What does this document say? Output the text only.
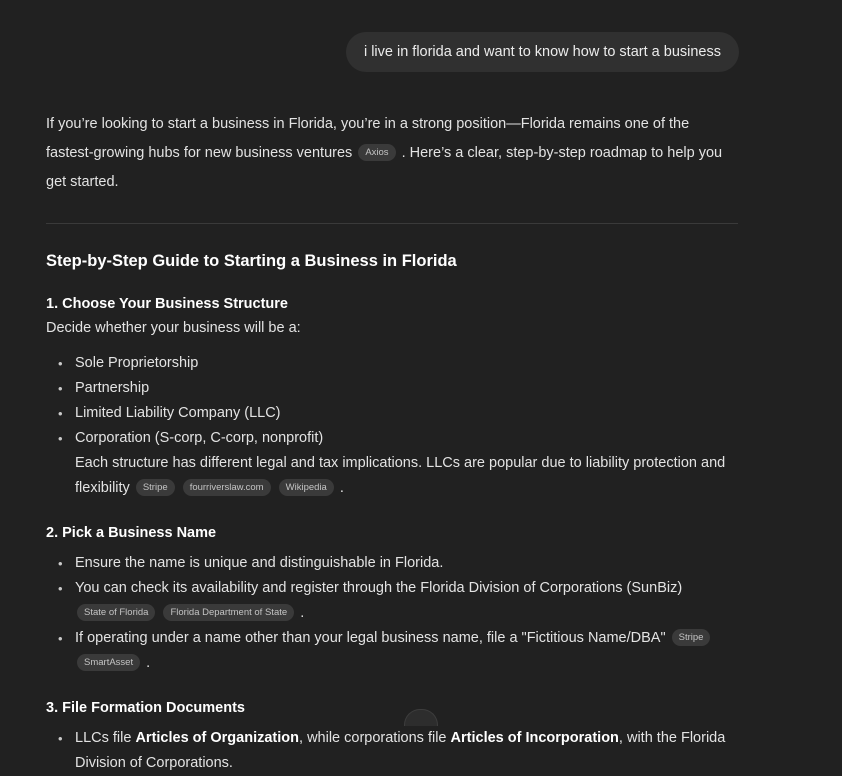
i live in florida and want to know how to start a business

If you’re looking to start a business in Florida, you’re in a strong position—Florida remains one of the fastest-growing hubs for new business ventures Axios . Here’s a clear, step-by-step roadmap to help you get started.

Step-by-Step Guide to Starting a Business in Florida
1. Choose Your Business Structure

Decide whether your business will be a:

• Sole Proprietorship
• Partnership
• Limited Liability Company (LLC)
• Corporation (S-corp, C-corp, nonprofit)
Each structure has different legal and tax implications. LLCs are popular due to liability protection and flexibility Stripe fourriverslaw.com Wikipedia .
2. Pick a Business Name
• Ensure the name is unique and distinguishable in Florida.
• You can check its availability and register through the Florida Division of Corporations (SunBiz)
State of Florida Florida Department of State .
• If operating under a name other than your legal business name, file a "Fictitious Name/DBA" Stripe
SmartAsset .
3. File Formation Documents
• LLCs file Articles of Organization, while corporations file Articles of Incorporation, with the Florida Division of Corporations.
